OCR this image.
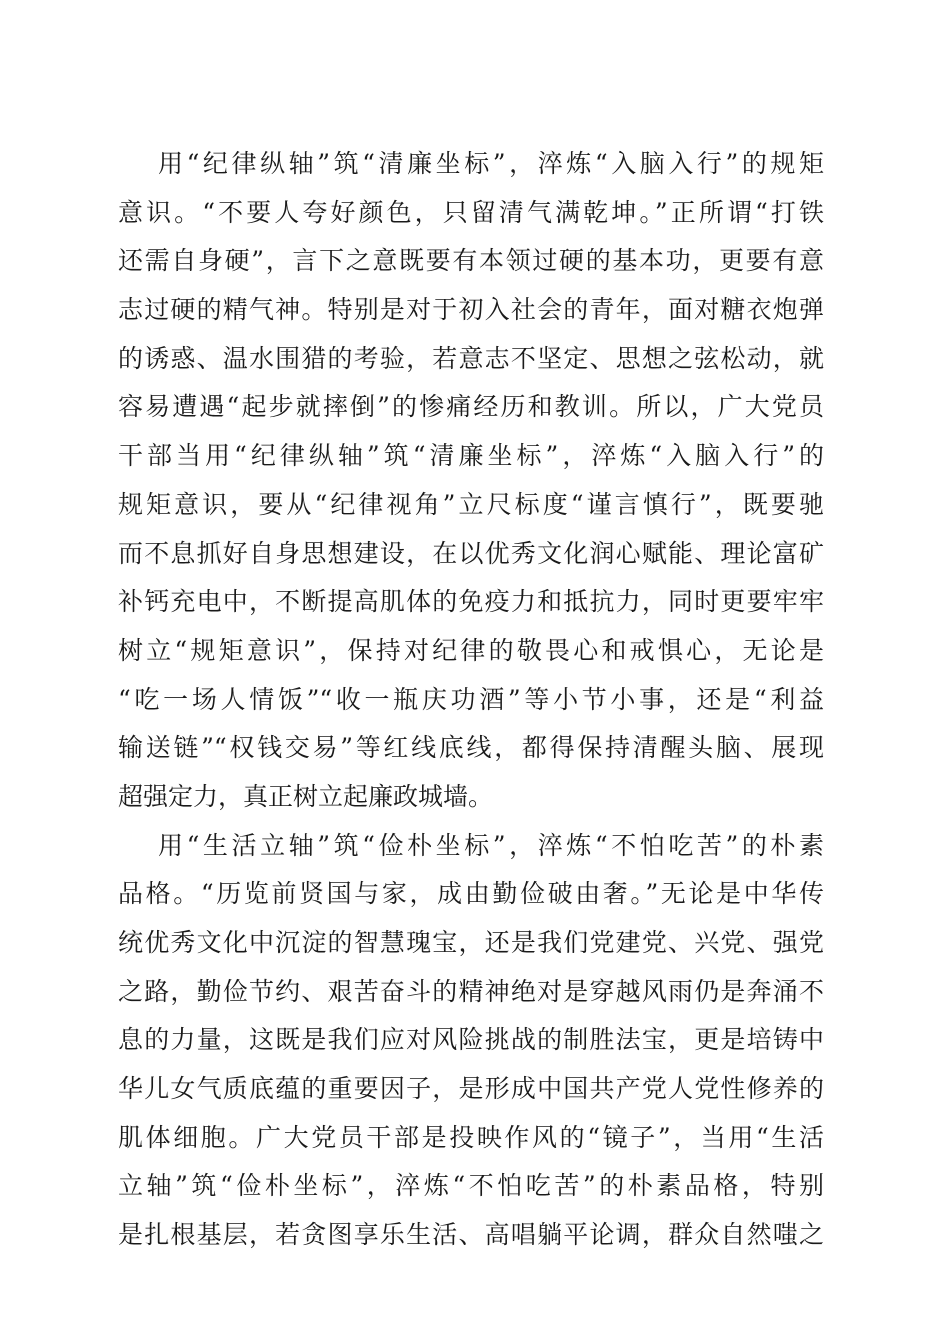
用“纪律纵轴”筑“清廉坐标”，淬炼“入脑入行”的规矩
意识。“不要人夸好颜色，只留清气满乾坤。”正所谓“打铁
还需自身硬”，言下之意既要有本领过硬的基本功，更要有意
志过硬的精气神。特别是对于初入社会的青年，面对糖衣炮弹
的诱惑、温水围猎的考验，若意志不坚定、思想之弦松动，就
容易遭遇“起步就摔倒”的惨痛经历和教训。所以，广大党员
干部当用“纪律纵轴”筑“清廉坐标”，淬炼“入脑入行”的
规矩意识，要从“纪律视角”立尺标度“谨言慎行”，既要驰
而不息抓好自身思想建设，在以优秀文化润心赋能、理论富矿
补钙充电中，不断提高肌体的免疫力和抵抗力，同时更要牢牢
树立“规矩意识”，保持对纪律的敬畏心和戒惧心，无论是
“吃一场人情饭”“收一瓶庆功酒”等小节小事，还是“利益
输送链”“权钱交易”等红线底线，都得保持清醒头脑、展现
超强定力，真正树立起廉政城墙。
用“生活立轴”筑“俭朴坐标”，淬炼“不怕吃苦”的朴素
品格。“历览前贤国与家，成由勤俭破由奢。”无论是中华传
统优秀文化中沉淀的智慧瑰宝，还是我们党建党、兴党、强党
之路，勤俭节约、艰苦奋斗的精神绝对是穿越风雨仍是奔涌不
息的力量，这既是我们应对风险挑战的制胜法宝，更是培铸中
华儿女气质底蕴的重要因子，是形成中国共产党人党性修养的
肌体细胞。广大党员干部是投映作风的“镜子”，当用“生活
立轴”筑“俭朴坐标”，淬炼“不怕吃苦”的朴素品格，特别
是扎根基层，若贪图享乐生活、高唱躺平论调，群众自然嗤之
